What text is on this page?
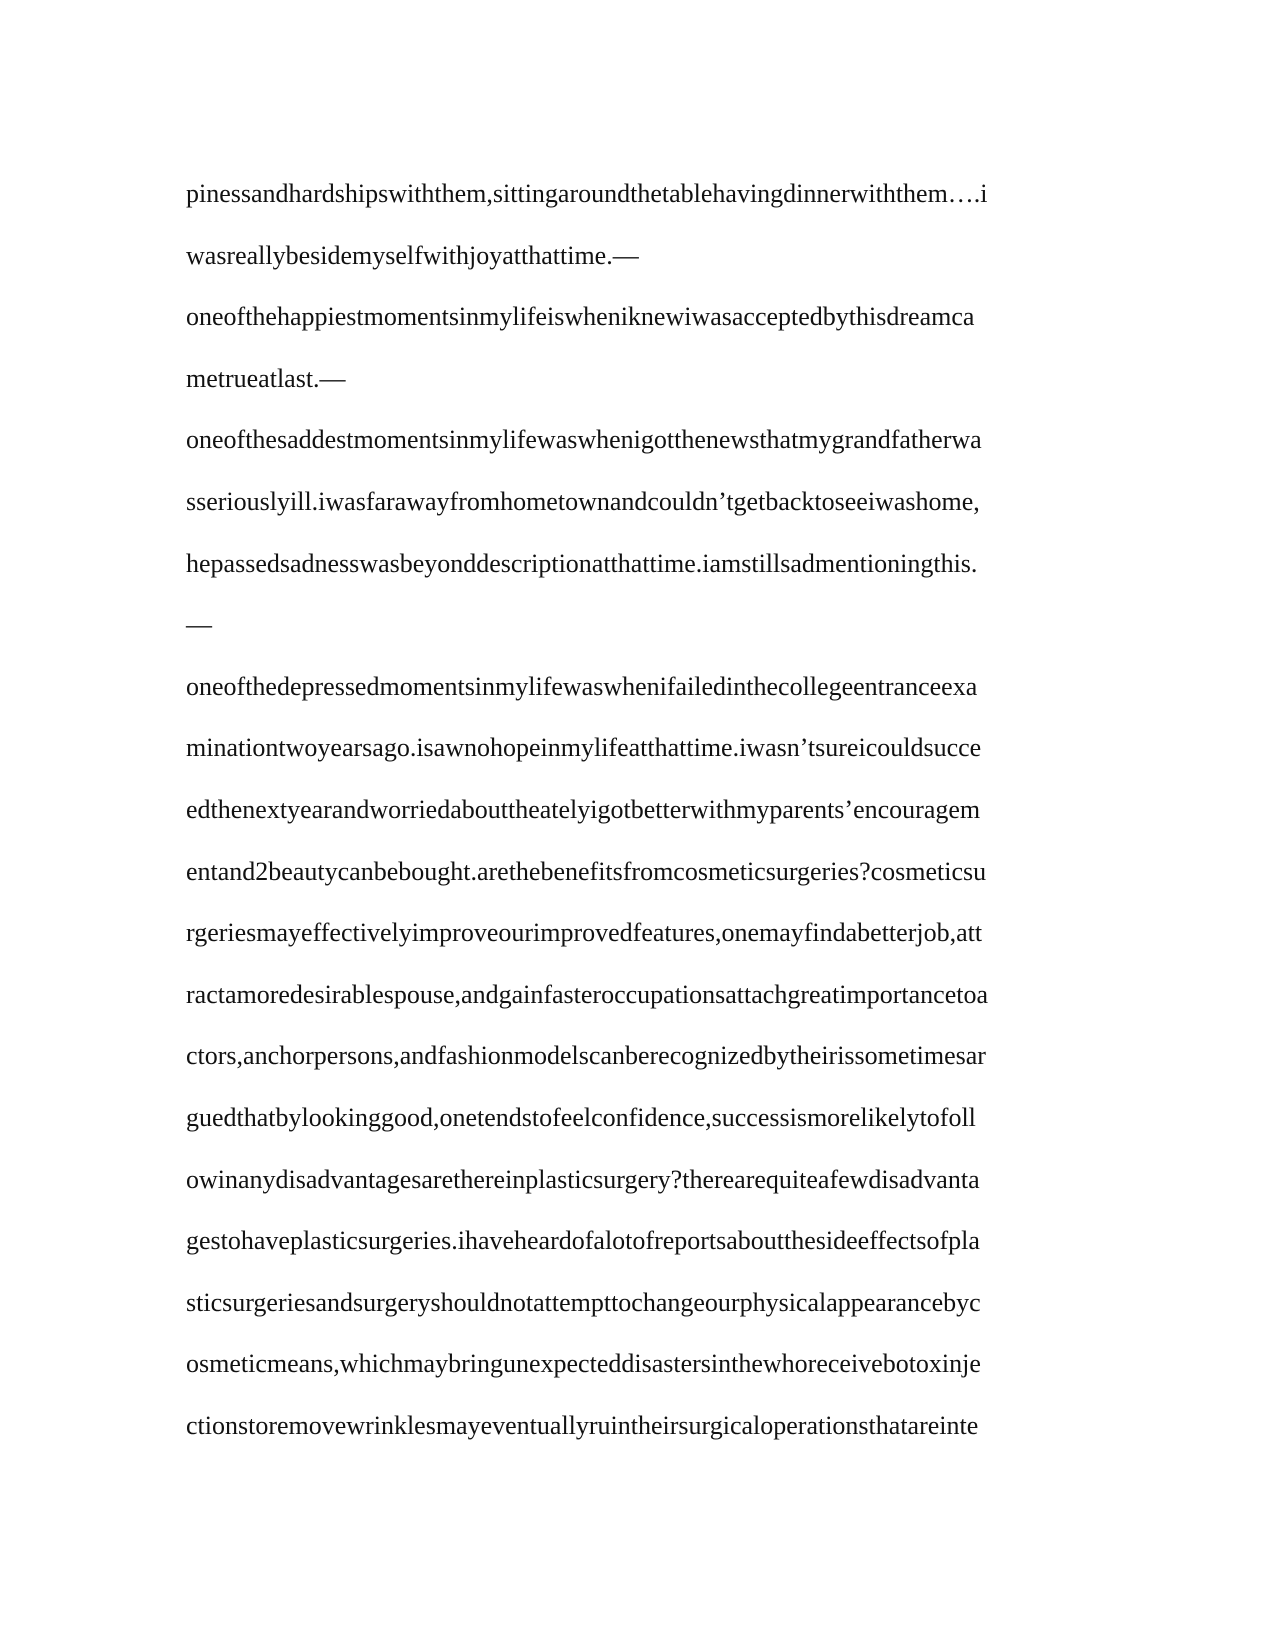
pinessandhardshipswiththem,sittingaroundthetablehavingdinnerwiththem….i
wasreallybesidemyselfwithjoyatthattime.—
oneofthehappiestmomentsinmylifeiswheniknewiwasacceptedbythisdreamca
metrueatlast.—
oneofthesaddestmomentsinmylifewaswhenigotthenewsthatmygrandfatherwa
sseriouslyill.iwasfarawayfromhometownandcouldn’tgetbacktoseeiwashome,
hepassedsadnesswasbeyonddescriptionatthattime.iamstillsadmentioningthis.
—
oneofthedepressedmomentsinmylifewaswhenifailedinthecollegeentranceexa
minationtwoyearsago.isawnohopeinmylifeatthattime.iwasn’tsureicouldsucce
edthenextyearandworriedabouttheatelyigotbetterwithmyparents’encouragem
entand2beautycanbebought.arethebenefitsfromcosmeticsurgeries?cosmeticsu
rgeriesmayeffectivelyimproveourimprovedfeatures,onemayfindabetterjob,att
ractamoredesirablespouse,andgainfasteroccupationsattachgreatimportancetoa
ctors,anchorpersons,andfashionmodelscanberecognizedbytheirissometimesar
guedthatbylookinggood,onetendstofeelconfidence,successismorelikelytofoll
owinanydisadvantagesarethereinplasticsurgery?therearequiteafewdisadvanta
gestohaveplasticsurgeries.ihaveheardofalotofreportsaboutthesideeffectsofpla
sticsurgeriesandsurgeryshouldnotattempttochangeourphysicalappearancebyc
osmeticmeans,whichmaybringunexpecteddisastersinthewhoreceivebotoxinje
ctionstoremovewrinklesmayeventuallyruintheirsurgicaloperationsthatareinte
